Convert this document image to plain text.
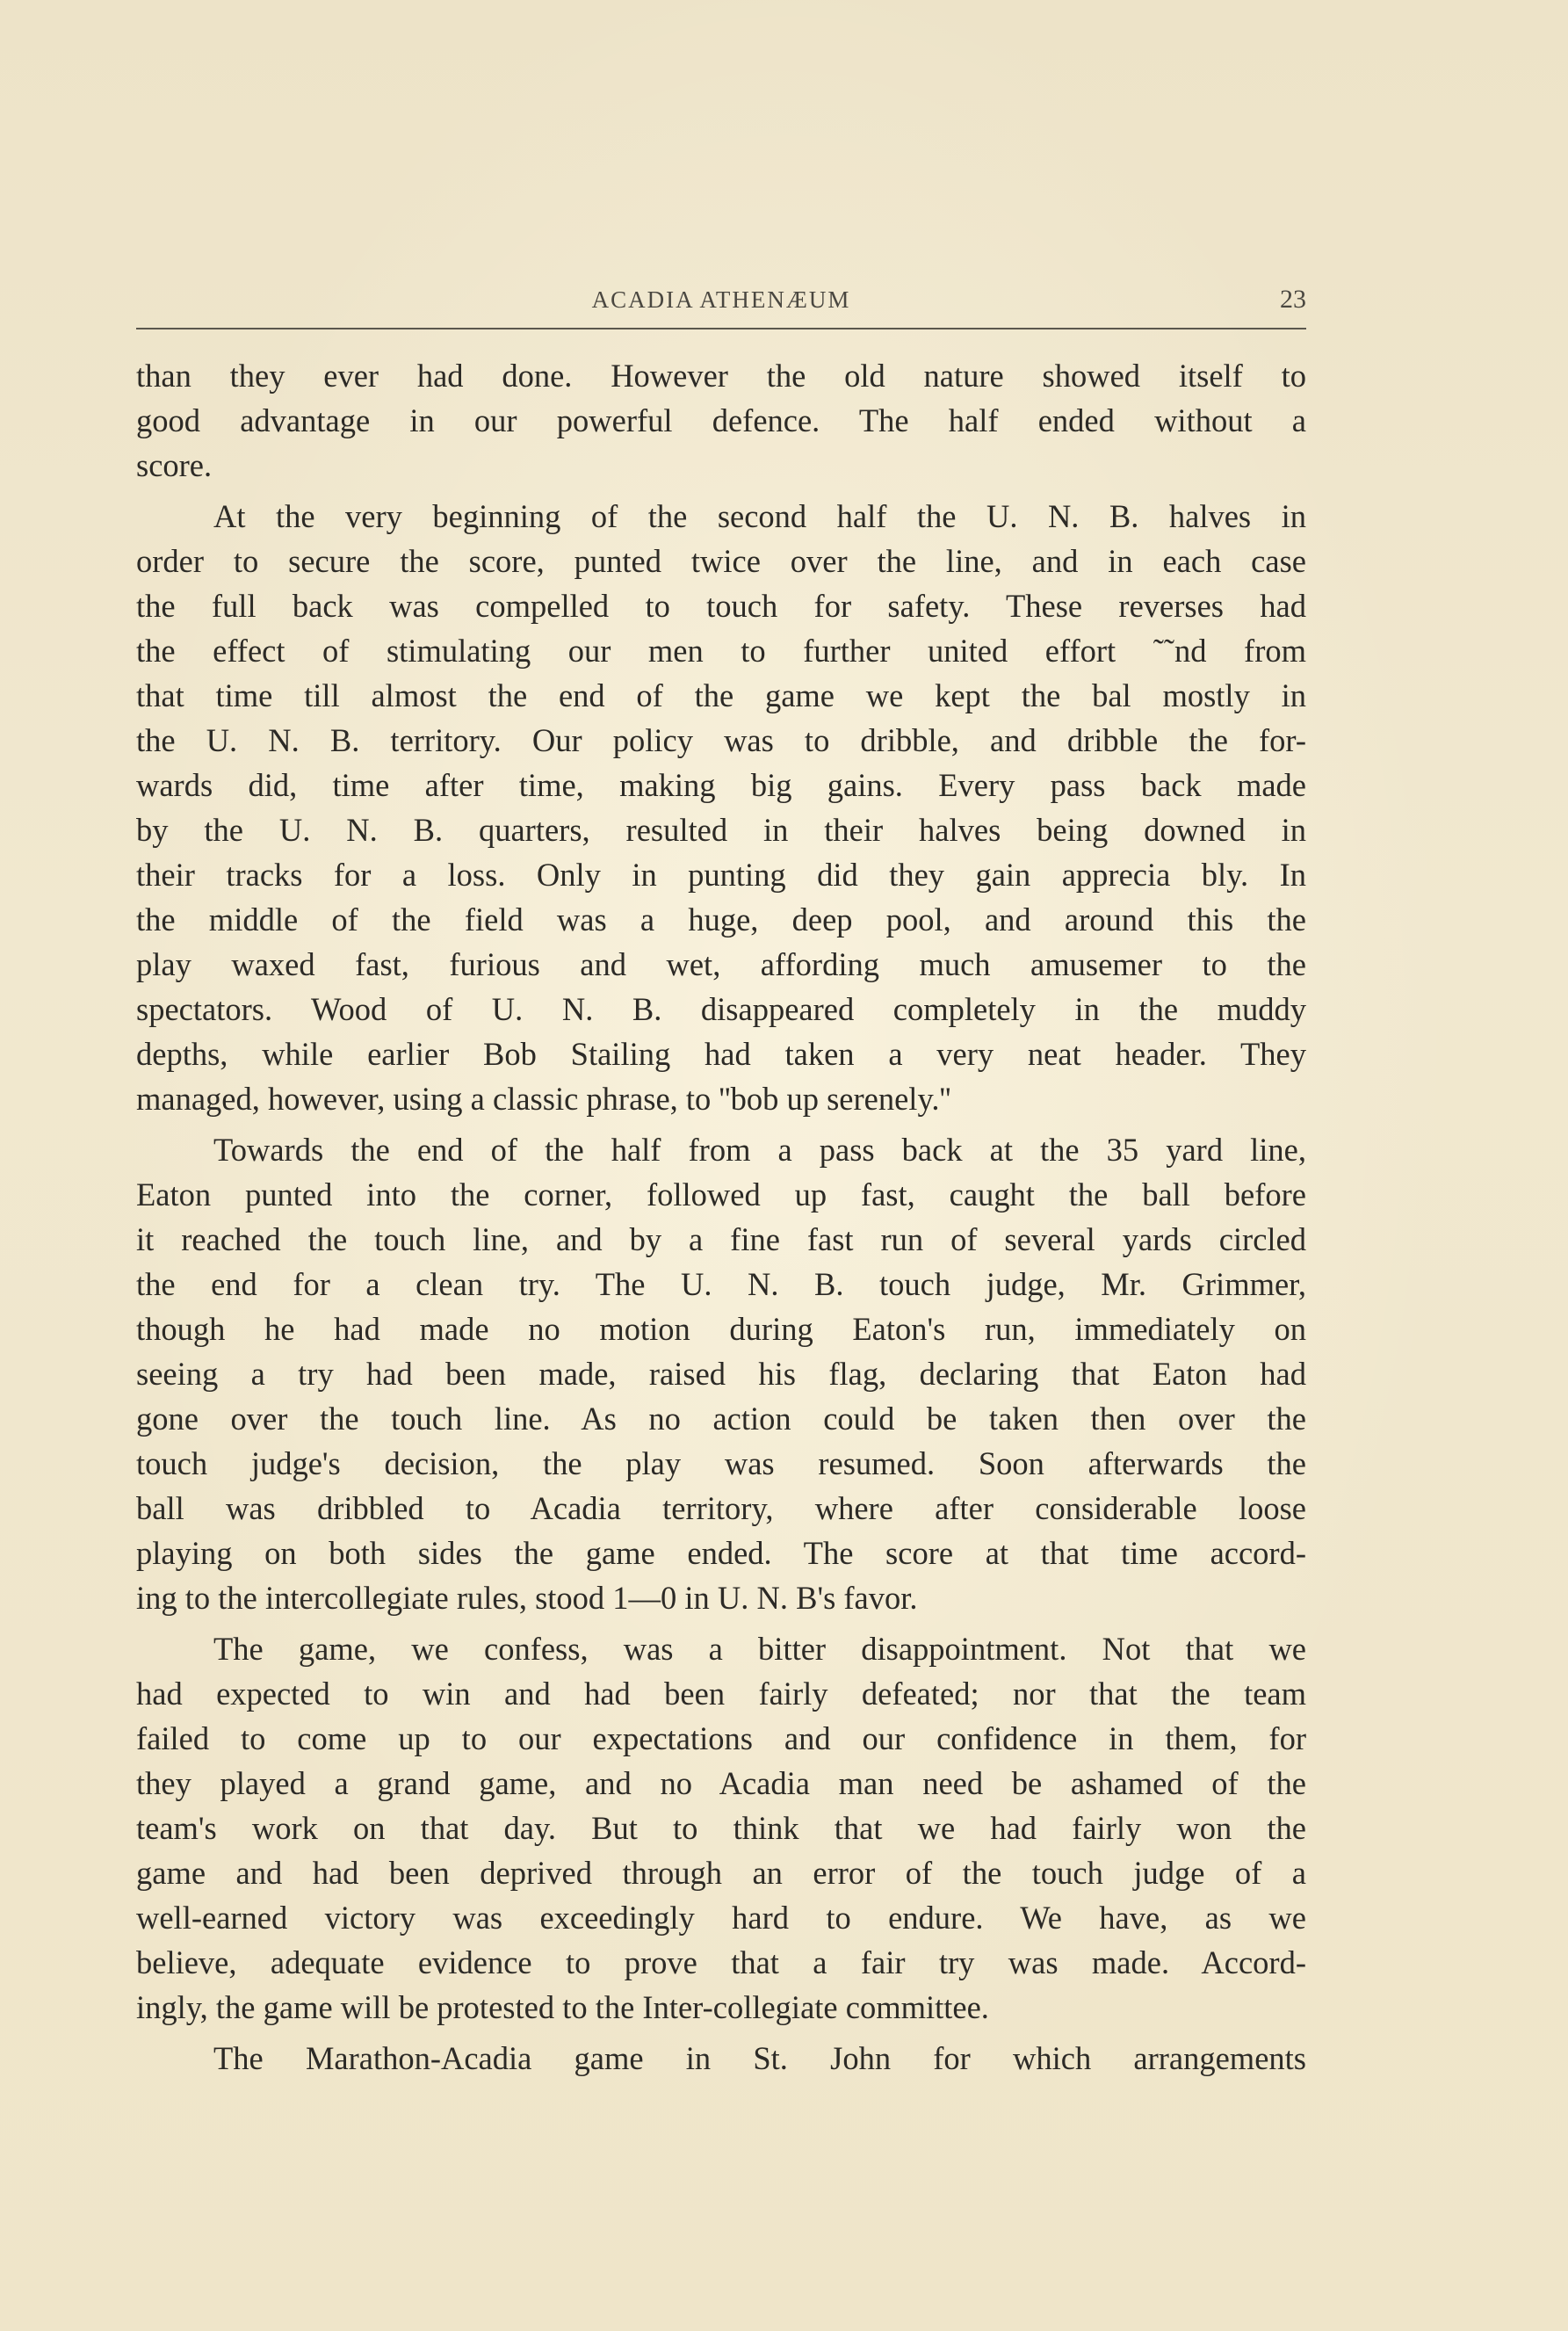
ACADIA ATHENÆUM	23
than they ever had done. However the old nature showed itself to
good advantage in our powerful defence. The half ended without a
score.
At the very beginning of the second half the U. N. B. halves in
order to secure the score, punted twice over the line, and in each case
the full back was compelled to touch for safety. These reverses had
the effect of stimulating our men to further united effort ˜˜nd from
that time till almost the end of the game we kept the bal mostly in
the U. N. B. territory. Our policy was to dribble, and dribble the for-
wards did, time after time, making big gains. Every pass back made
by the U. N. B. quarters, resulted in their halves being downed in
their tracks for a loss. Only in punting did they gain apprecia bly. In
the middle of the field was a huge, deep pool, and around this the
play waxed fast, furious and wet, affording much amusemer to the
spectators. Wood of U. N. B. disappeared completely in the muddy
depths, while earlier Bob Stailing had taken a very neat header. They
managed, however, using a classic phrase, to ''bob up serenely.''
Towards the end of the half from a pass back at the 35 yard line,
Eaton punted into the corner, followed up fast, caught the ball before
it reached the touch line, and by a fine fast run of several yards circled
the end for a clean try. The U. N. B. touch judge, Mr. Grimmer,
though he had made no motion during Eaton's run, immediately on
seeing a try had been made, raised his flag, declaring that Eaton had
gone over the touch line. As no action could be taken then over the
touch judge's decision, the play was resumed. Soon afterwards the
ball was dribbled to Acadia territory, where after considerable loose
playing on both sides the game ended. The score at that time accord-
ing to the intercollegiate rules, stood 1—0 in U. N. B's favor.
The game, we confess, was a bitter disappointment. Not that we
had expected to win and had been fairly defeated; nor that the team
failed to come up to our expectations and our confidence in them, for
they played a grand game, and no Acadia man need be ashamed of the
team's work on that day. But to think that we had fairly won the
game and had been deprived through an error of the touch judge of a
well-earned victory was exceedingly hard to endure. We have, as we
believe, adequate evidence to prove that a fair try was made. Accord-
ingly, the game will be protested to the Inter-collegiate committee.
The Marathon-Acadia game in St. John for which arrangements
